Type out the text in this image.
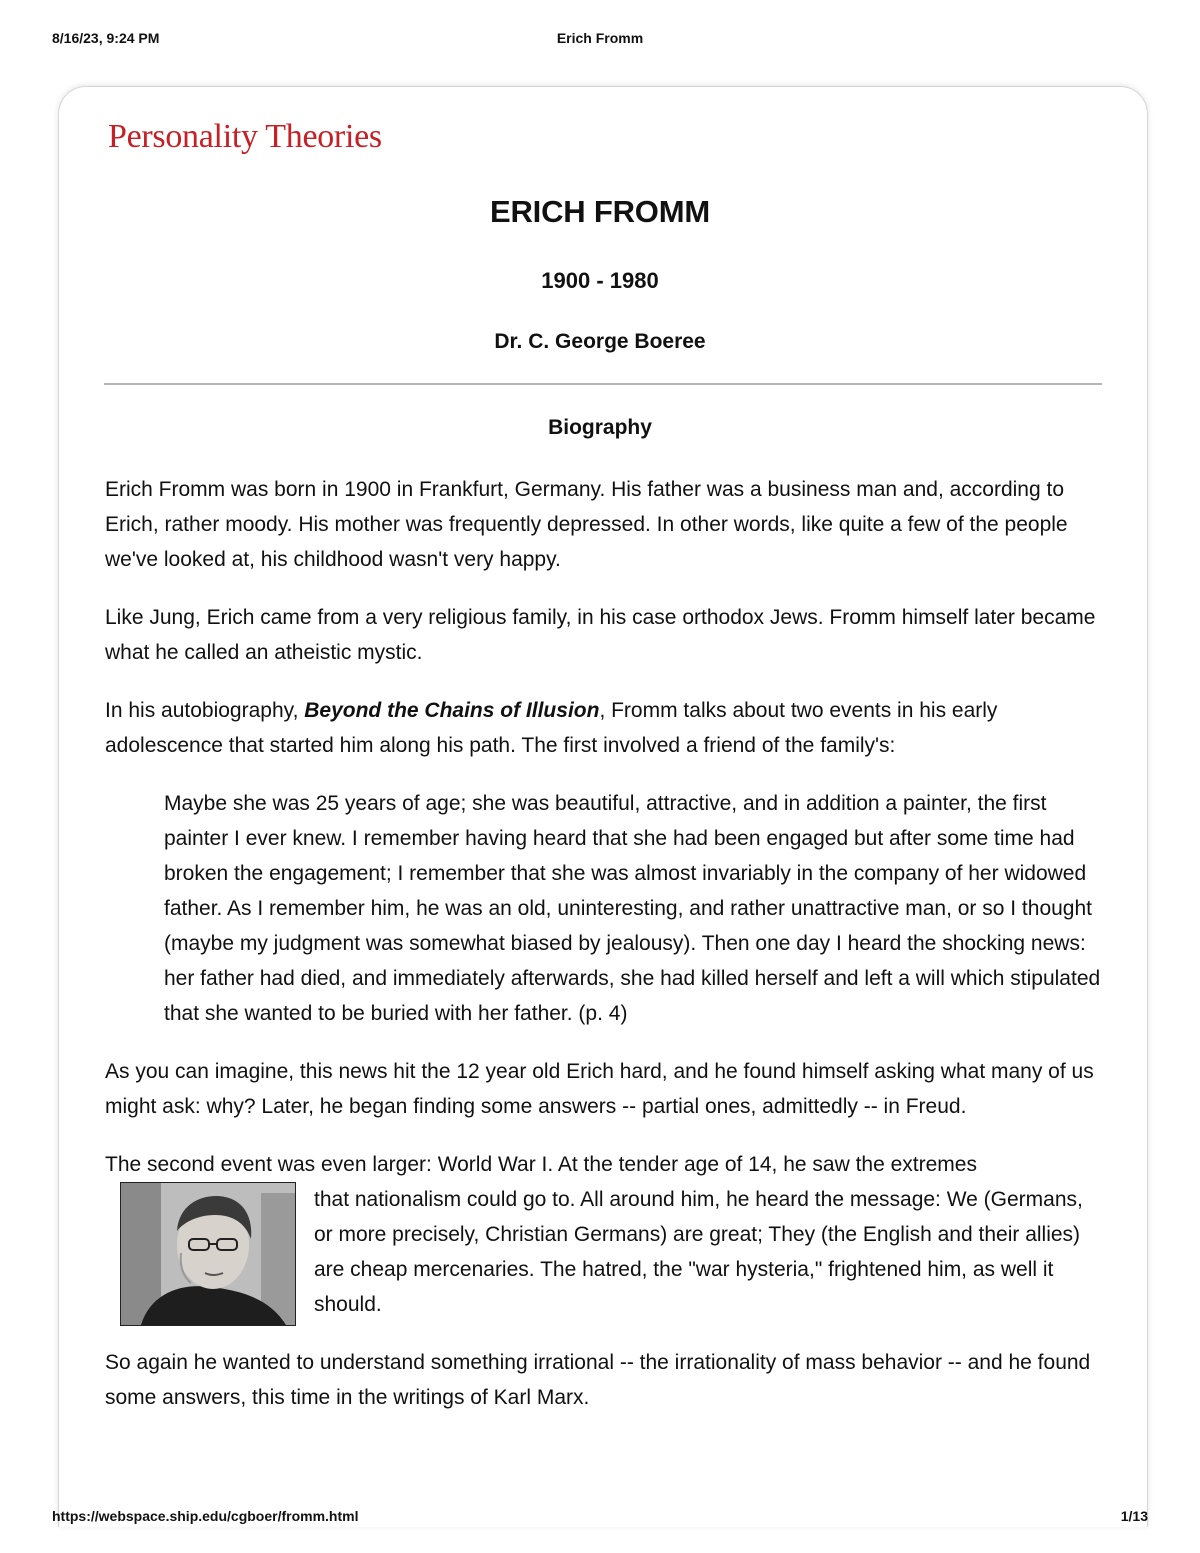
8/16/23, 9:24 PM	Erich Fromm
Personality Theories
ERICH FROMM
1900 - 1980
Dr. C. George Boeree
Biography

Erich Fromm was born in 1900 in Frankfurt, Germany. His father was a business man and, according to Erich, rather moody. His mother was frequently depressed. In other words, like quite a few of the people we've looked at, his childhood wasn't very happy.

Like Jung, Erich came from a very religious family, in his case orthodox Jews. Fromm himself later became what he called an atheistic mystic.

In his autobiography, Beyond the Chains of Illusion, Fromm talks about two events in his early adolescence that started him along his path. The first involved a friend of the family's:

Maybe she was 25 years of age; she was beautiful, attractive, and in addition a painter, the first painter I ever knew. I remember having heard that she had been engaged but after some time had broken the engagement; I remember that she was almost invariably in the company of her widowed father. As I remember him, he was an old, uninteresting, and rather unattractive man, or so I thought (maybe my judgment was somewhat biased by jealousy). Then one day I heard the shocking news: her father had died, and immediately afterwards, she had killed herself and left a will which stipulated that she wanted to be buried with her father. (p. 4)

As you can imagine, this news hit the 12 year old Erich hard, and he found himself asking what many of us might ask: why? Later, he began finding some answers -- partial ones, admittedly -- in Freud.

The second event was even larger: World War I. At the tender age of 14, he saw the extremes

that nationalism could go to. All around him, he heard the message: We (Germans, or more precisely, Christian Germans) are great; They (the English and their allies) are cheap mercenaries. The hatred, the "war hysteria," frightened him, as well it should.

So again he wanted to understand something irrational -- the irrationality of mass behavior -- and he found some answers, this time in the writings of Karl Marx.

https://webspace.ship.edu/cgboer/fromm.html	1/13
